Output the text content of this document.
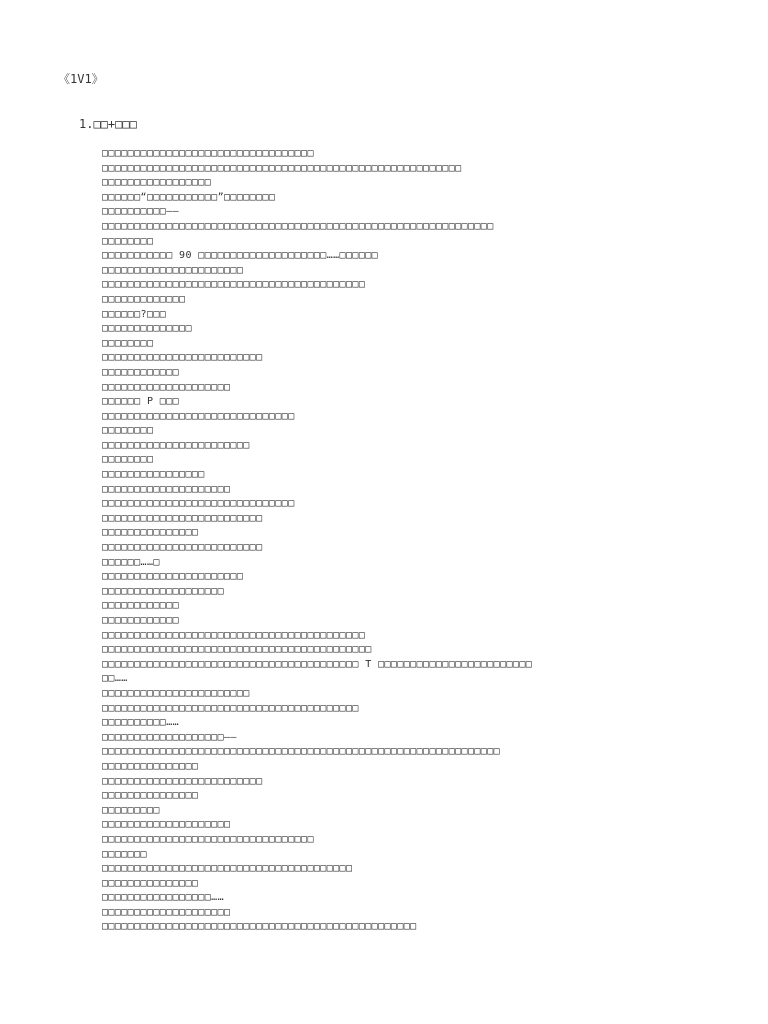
《1V1》
1.□□+□□□
□□□□□□□□□□□□□□□□□□□□□□□□□□□□□□□□□
□□□□□□□□□□□□□□□□□□□□□□□□□□□□□□□□□□□□□□□□□□□□□□□□□□□□□□□□
□□□□□□□□□□□□□□□□□
□□□□□□“□□□□□□□□□□□”□□□□□□□□
□□□□□□□□□□——
□□□□□□□□□□□□□□□□□□□□□□□□□□□□□□□□□□□□□□□□□□□□□□□□□□□□□□□□□□□□□
□□□□□□□□
□□□□□□□□□□□ 90 □□□□□□□□□□□□□□□□□□□□……□□□□□□
□□□□□□□□□□□□□□□□□□□□□□
□□□□□□□□□□□□□□□□□□□□□□□□□□□□□□□□□□□□□□□□□
□□□□□□□□□□□□□
□□□□□□?□□□
□□□□□□□□□□□□□□
□□□□□□□□
□□□□□□□□□□□□□□□□□□□□□□□□□
□□□□□□□□□□□□
□□□□□□□□□□□□□□□□□□□□
□□□□□□ P □□□
□□□□□□□□□□□□□□□□□□□□□□□□□□□□□□
□□□□□□□□
□□□□□□□□□□□□□□□□□□□□□□□
□□□□□□□□
□□□□□□□□□□□□□□□□
□□□□□□□□□□□□□□□□□□□□
□□□□□□□□□□□□□□□□□□□□□□□□□□□□□□
□□□□□□□□□□□□□□□□□□□□□□□□□
□□□□□□□□□□□□□□□
□□□□□□□□□□□□□□□□□□□□□□□□□
□□□□□□……□
□□□□□□□□□□□□□□□□□□□□□□
□□□□□□□□□□□□□□□□□□□
□□□□□□□□□□□□
□□□□□□□□□□□□
□□□□□□□□□□□□□□□□□□□□□□□□□□□□□□□□□□□□□□□□□
□□□□□□□□□□□□□□□□□□□□□□□□□□□□□□□□□□□□□□□□□□
□□□□□□□□□□□□□□□□□□□□□□□□□□□□□□□□□□□□□□□□ T □□□□□□□□□□□□□□□□□□□□□□□□
□□……
□□□□□□□□□□□□□□□□□□□□□□□
□□□□□□□□□□□□□□□□□□□□□□□□□□□□□□□□□□□□□□□□
□□□□□□□□□□……
□□□□□□□□□□□□□□□□□□□——
□□□□□□□□□□□□□□□□□□□□□□□□□□□□□□□□□□□□□□□□□□□□□□□□□□□□□□□□□□□□□□
□□□□□□□□□□□□□□□
□□□□□□□□□□□□□□□□□□□□□□□□□
□□□□□□□□□□□□□□□
□□□□□□□□□
□□□□□□□□□□□□□□□□□□□□
□□□□□□□□□□□□□□□□□□□□□□□□□□□□□□□□□
□□□□□□□
□□□□□□□□□□□□□□□□□□□□□□□□□□□□□□□□□□□□□□□
□□□□□□□□□□□□□□□
□□□□□□□□□□□□□□□□□……
□□□□□□□□□□□□□□□□□□□□
□□□□□□□□□□□□□□□□□□□□□□□□□□□□□□□□□□□□□□□□□□□□□□□□□
